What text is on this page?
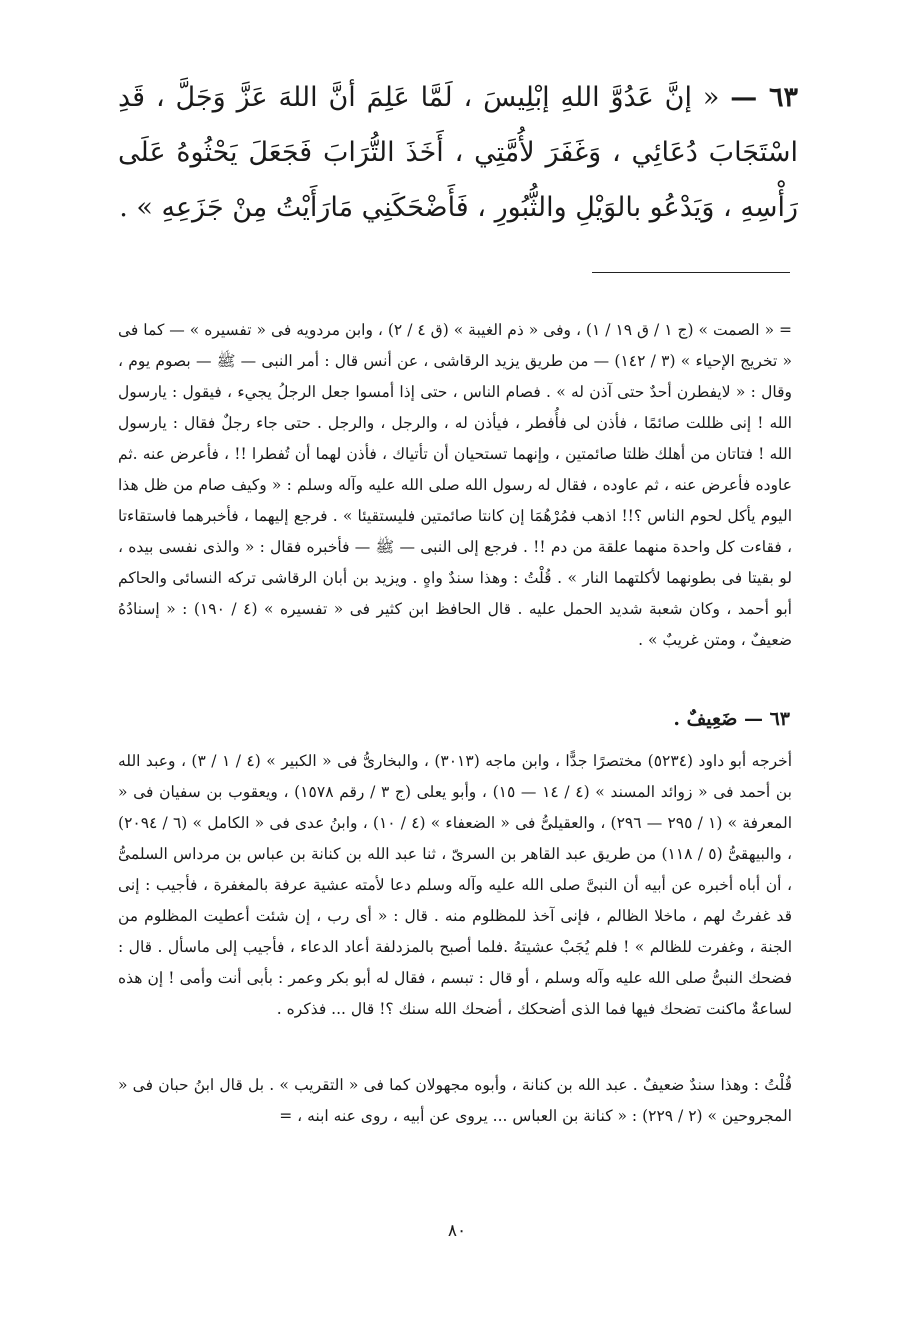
٦٣ — « إنَّ عَدُوَّ اللهِ إبْلِيسَ ، لَمَّا عَلِمَ أنَّ اللهَ عَزَّ وَجَلَّ ، قَدِ اسْتَجَابَ دُعَائِي ، وَغَفَرَ لأُمَّتِي ، أَخَذَ التُّرَابَ فَجَعَلَ يَحْثُوهُ عَلَى رَأْسِهِ ، وَيَدْعُو بالوَيْلِ والثُّبُورِ ، فَأَضْحَكَنِي مَارَأَيْتُ مِنْ جَزَعِهِ » .
= « الصمت » (ج ١ / ق ١٩ / ١) ، وفى « ذم الغيبة » (ق ٤ / ٢) ، وابن مردويه فى « تفسيره » — كما فى « تخريج الإحياء » (٣ / ١٤٢) — من طريق يزيد الرقاشى ، عن أنس قال : أمر النبى — ﷺ — بصوم يوم ، وقال : « لايفطرن أحدٌ حتى آذن له » . فصام الناس ، حتى إذا أمسوا جعل الرجلُ يجيء ، فيقول : يارسول الله ! إنى ظللت صائمًا ، فأذن لى فأُفطر ، فيأذن له ، والرجل ، والرجل . حتى جاء رجلٌ فقال : يارسول الله ! فتاتان من أهلك ظلتا صائمتين ، وإنهما تستحيان أن تأتياك ، فأذن لهما أن تُفطرا !! ، فأعرض عنه .ثم عاوده فأعرض عنه ، ثم عاوده ، فقال له رسول الله صلى الله عليه وآله وسلم : « وكيف صام من ظل هذا اليوم يأكل لحوم الناس ؟!! اذهب فمُرْهُمَا إن كانتا صائمتين فليستقيئا » . فرجع إليهما ، فأخبرهما فاستقاءتا ، فقاءت كل واحدة منهما علقة من دم !! . فرجع إلى النبى — ﷺ — فأخبره فقال : « والذى نفسى بيده ، لو بقيتا فى بطونهما لأكلتهما النار » . قُلْتُ : وهذا سندٌ واهٍ . ويزيد بن أبان الرقاشى تركه النسائى والحاكم أبو أحمد ، وكان شعبة شديد الحمل عليه . قال الحافظ ابن كثير فى « تفسيره » (٤ / ١٩٠) : « إسنادُهُ ضعيفٌ ، ومتن غريبٌ » .
٦٣ — ضَعِيفٌ .
أخرجه أبو داود (٥٢٣٤) مختصرًا جدًّا ، وابن ماجه (٣٠١٣) ، والبخارىُّ فى « الكبير » (٤ / ١ / ٣) ، وعبد الله بن أحمد فى « زوائد المسند » (٤ / ١٤ — ١٥) ، وأبو يعلى (ج ٣ / رقم ١٥٧٨) ، ويعقوب بن سفيان فى « المعرفة » (١ / ٢٩٥ — ٢٩٦) ، والعقيلىُّ فى « الضعفاء » (٤ / ١٠) ، وابنُ عدى فى « الكامل » (٦ / ٢٠٩٤) ، والبيهقىُّ (٥ / ١١٨) من طريق عبد القاهر بن السرىّ ، ثنا عبد الله بن كنانة بن عباس بن مرداس السلمىُّ ، أن أباه أخبره عن أبيه أن النبىَّ صلى الله عليه وآله وسلم دعا لأمته عشية عرفة بالمغفرة ، فأجيب : إنى قد غفرتُ لهم ، ماخلا الظالم ، فإنى آخذ للمظلوم منه . قال : « أى رب ، إن شئت أعطيت المظلوم من الجنة ، وغفرت للظالم » ! فلم يُجَبْ عشيتهُ .فلما أصبح بالمزدلفة أعاد الدعاء ، فأجيب إلى ماسأل . قال : فضحك النبىُّ صلى الله عليه وآله وسلم ، أو قال : تبسم ، فقال له أبو بكر وعمر : بأبى أنت وأمى ! إن هذه لساعةٌ ماكنت تضحك فيها فما الذى أضحكك ، أضحك الله سنك ؟! قال ... فذكره .
قُلْتُ : وهذا سندٌ ضعيفٌ . عبد الله بن كنانة ، وأبوه مجهولان كما فى « التقريب » . بل قال ابنُ حبان فى « المجروحين » (٢ / ٢٢٩) : « كنانة بن العباس ... يروى عن أبيه ، روى عنه ابنه ، =
٨٠
